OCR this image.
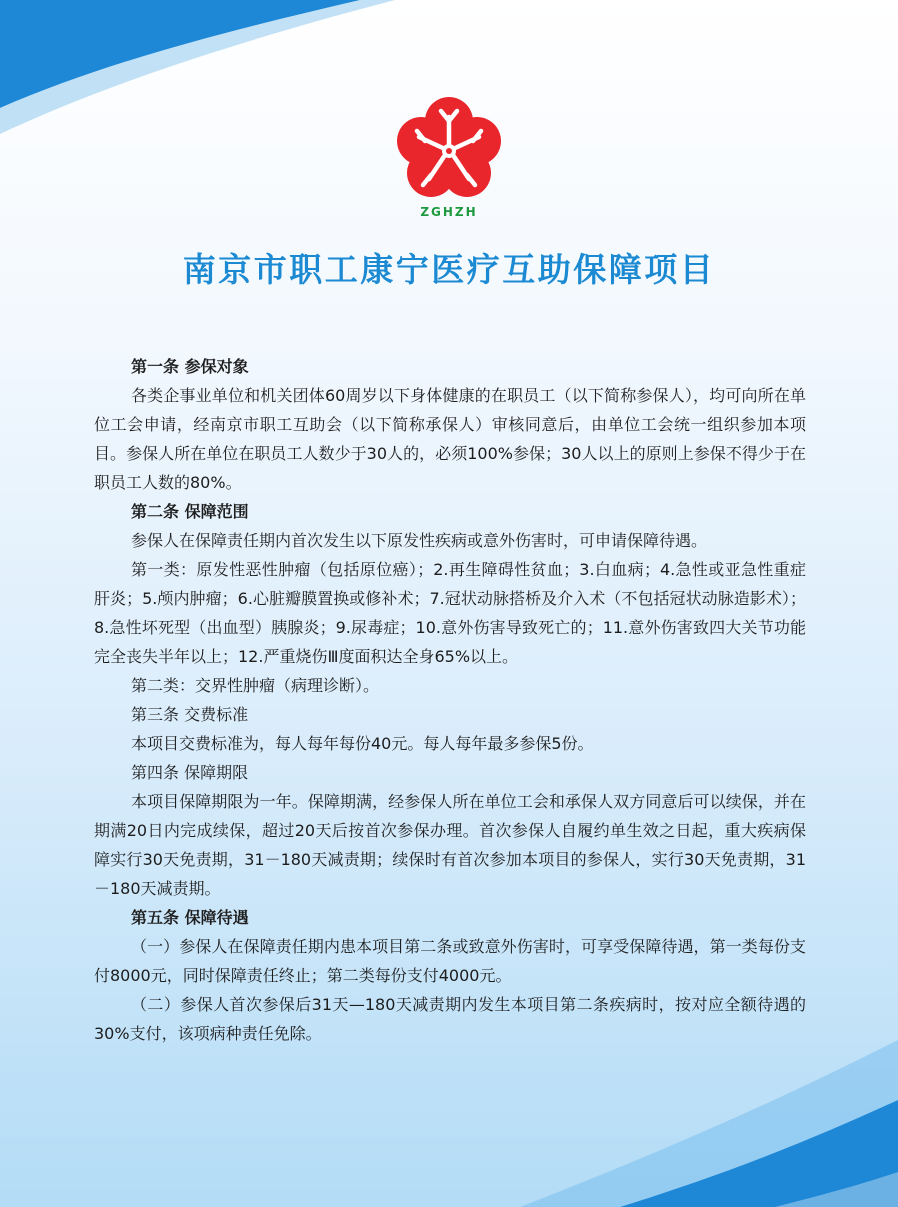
ZGHZH
南京市职工康宁医疗互助保障项目

第一条 参保对象

各类企事业单位和机关团体60周岁以下身体健康的在职员工（以下简称参保人），均可向所在单位工会申请，经南京市职工互助会（以下简称承保人）审核同意后，由单位工会统一组织参加本项目。参保人所在单位在职员工人数少于30人的，必须100%参保；30人以上的原则上参保不得少于在职员工人数的80%。

第二条 保障范围

参保人在保障责任期内首次发生以下原发性疾病或意外伤害时，可申请保障待遇。

第一类：原发性恶性肿瘤（包括原位癌）；2.再生障碍性贫血；3.白血病；4.急性或亚急性重症肝炎；5.颅内肿瘤；6.心脏瓣膜置换或修补术；7.冠状动脉搭桥及介入术（不包括冠状动脉造影术）；8.急性坏死型（出血型）胰腺炎；9.尿毒症；10.意外伤害导致死亡的；11.意外伤害致四大关节功能完全丧失半年以上；12.严重烧伤Ⅲ度面积达全身65%以上。

第二类：交界性肿瘤（病理诊断）。

第三条 交费标准

本项目交费标准为，每人每年每份40元。每人每年最多参保5份。

第四条 保障期限

本项目保障期限为一年。保障期满，经参保人所在单位工会和承保人双方同意后可以续保，并在期满20日内完成续保，超过20天后按首次参保办理。首次参保人自履约单生效之日起，重大疾病保障实行30天免责期，31－180天减责期；续保时有首次参加本项目的参保人，实行30天免责期，31－180天减责期。

第五条 保障待遇

（一）参保人在保障责任期内患本项目第二条或致意外伤害时，可享受保障待遇，第一类每份支付8000元，同时保障责任终止；第二类每份支付4000元。

（二）参保人首次参保后31天—180天减责期内发生本项目第二条疾病时，按对应全额待遇的30%支付，该项病种责任免除。
